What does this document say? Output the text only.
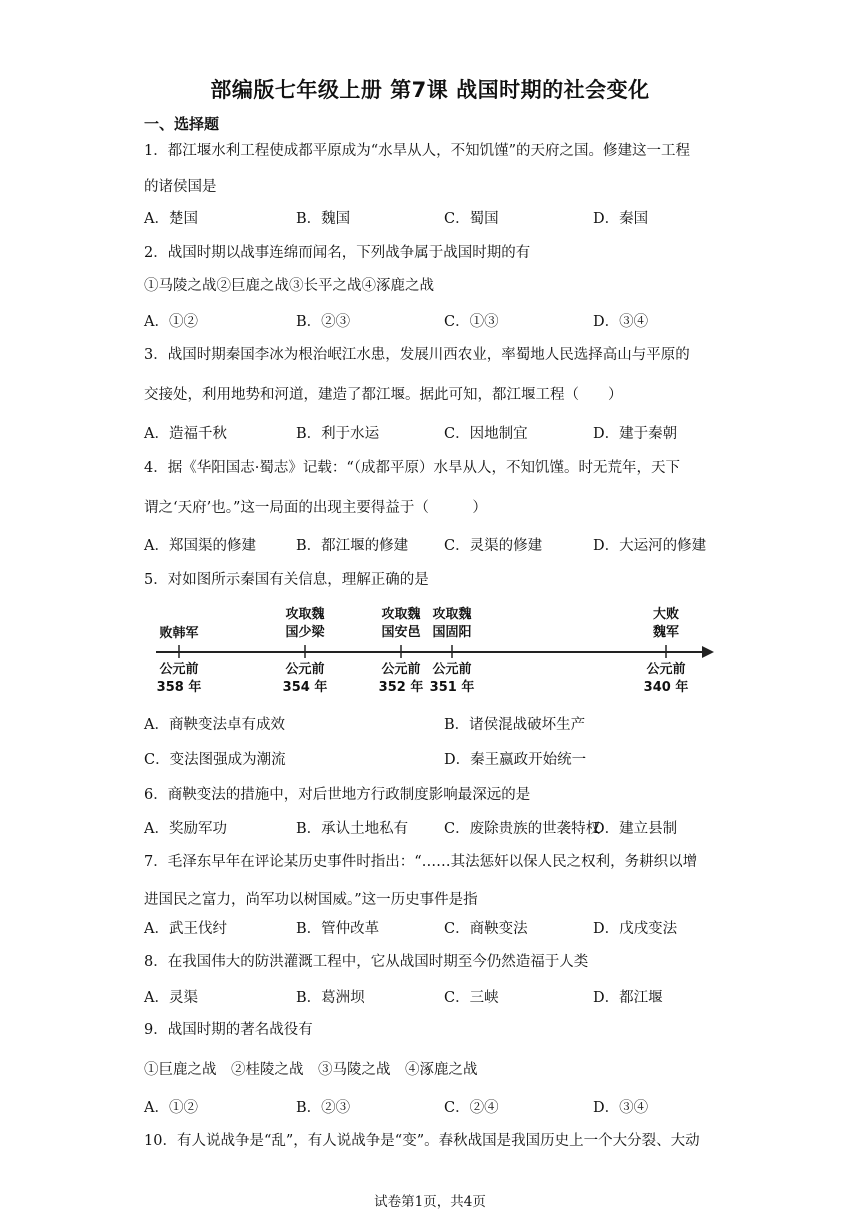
部编版七年级上册 第7课 战国时期的社会变化
一、选择题
1．都江堰水利工程使成都平原成为“水旱从人，不知饥馑”的天府之国。修建这一工程
的诸侯国是
A．楚国	B．魏国	C．蜀国	D．秦国
2．战国时期以战事连绵而闻名，下列战争属于战国时期的有
①马陵之战②巨鹿之战③长平之战④涿鹿之战
A．①②	B．②③	C．①③	D．③④
3．战国时期秦国李冰为根治岷江水患，发展川西农业，率蜀地人民选择高山与平原的
交接处，利用地势和河道，建造了都江堰。据此可知，都江堰工程（　　）
A．造福千秋	B．利于水运	C．因地制宜	D．建于秦朝
4．据《华阳国志·蜀志》记载：“（成都平原）水旱从人，不知饥馑。时无荒年，天下
谓之‘天府’也。”这一局面的出现主要得益于（　　　）
A．郑国渠的修建	B．都江堰的修建 C．灵渠的修建	D．大运河的修建
5．对如图所示秦国有关信息，理解正确的是
A．商鞅变法卓有成效	B．诸侯混战破坏生产
C．变法图强成为潮流	D．秦王嬴政开始统一
6．商鞅变法的措施中，对后世地方行政制度影响最深远的是
A．奖励军功	B．承认土地私有 C．废除贵族的世袭特权
D．建立县制
7．毛泽东早年在评论某历史事件时指出：“……其法惩奸以保人民之权利，务耕织以增
进国民之富力，尚军功以树国威。”这一历史事件是指
A．武王伐纣	B．管仲改革	C．商鞅变法	D．戊戌变法
8．在我国伟大的防洪灌溉工程中，它从战国时期至今仍然造福于人类
A．灵渠	B．葛洲坝	C．三峡	D．都江堰
9．战国时期的著名战役有
①巨鹿之战　②桂陵之战　③马陵之战　④涿鹿之战
A．①②	B．②③	C．②④	D．③④
10．有人说战争是“乱”，有人说战争是“变”。春秋战国是我国历史上一个大分裂、大动
败韩军
公元前
358 年
攻取魏
国少梁
公元前
354 年
攻取魏
国安邑
公元前
352 年
攻取魏
国固阳
公元前
351 年
大败
魏军
公元前
340 年
试卷第1页，共4页
